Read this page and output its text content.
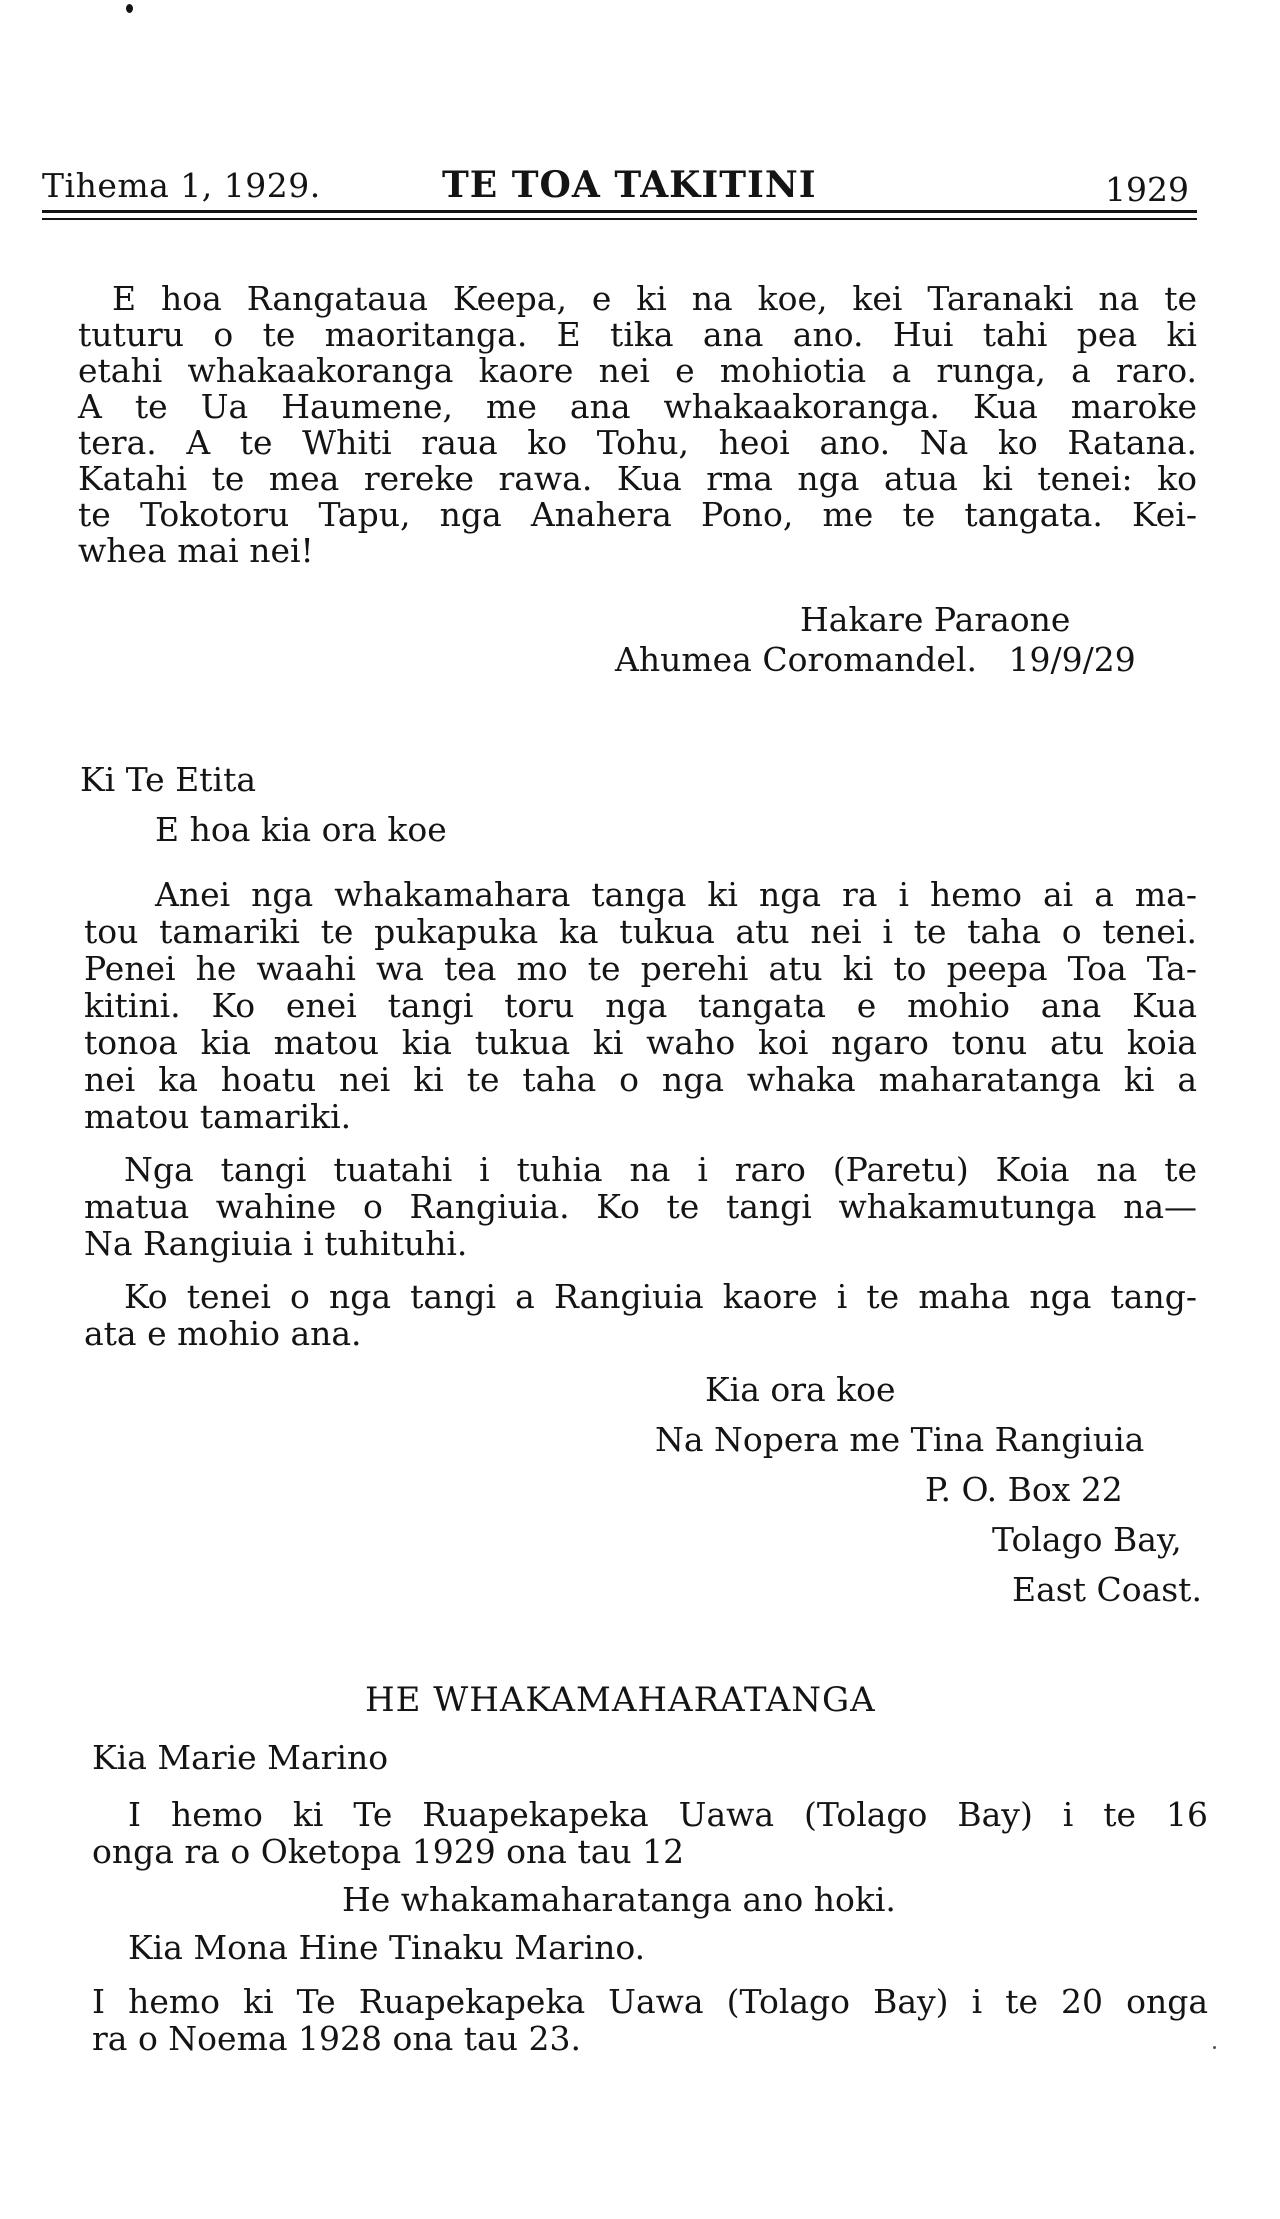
Tihema 1, 1929.	TE TOA TAKITINI	1929
E hoa Rangataua Keepa, e ki na koe, kei Taranaki na te
tuturu o te maoritanga. E tika ana ano. Hui tahi pea ki
etahi whakaakoranga kaore nei e mohiotia a runga, a raro.
A te Ua Haumene, me ana whakaakoranga. Kua maroke
tera. A te Whiti raua ko Tohu, heoi ano. Na ko Ratana.
Katahi te mea rereke rawa. Kua rma nga atua ki tenei: ko
te Tokotoru Tapu, nga Anahera Pono, me te tangata. Kei-
whea mai nei!
Hakare Paraone
Ahumea Coromandel.   19/9/29
Ki Te Etita
E hoa kia ora koe
Anei nga whakamahara tanga ki nga ra i hemo ai a ma-
tou tamariki te pukapuka ka tukua atu nei i te taha o tenei.
Penei he waahi wa tea mo te perehi atu ki to peepa Toa Ta-
kitini. Ko enei tangi toru nga tangata e mohio ana Kua
tonoa kia matou kia tukua ki waho koi ngaro tonu atu koia
nei ka hoatu nei ki te taha o nga whaka maharatanga ki a
matou tamariki.
Nga tangi tuatahi i tuhia na i raro (Paretu) Koia na te
matua wahine o Rangiuia. Ko te tangi whakamutunga na—
Na Rangiuia i tuhituhi.
Ko tenei o nga tangi a Rangiuia kaore i te maha nga tang-
ata e mohio ana.
Kia ora koe
Na Nopera me Tina Rangiuia
P. O. Box 22
Tolago Bay,
East Coast.
HE WHAKAMAHARATANGA
Kia Marie Marino
I hemo ki Te Ruapekapeka Uawa (Tolago Bay) i te 16
onga ra o Oketopa 1929 ona tau 12
He whakamaharatanga ano hoki.
Kia Mona Hine Tinaku Marino.
I hemo ki Te Ruapekapeka Uawa (Tolago Bay) i te 20 onga
ra o Noema 1928 ona tau 23.
